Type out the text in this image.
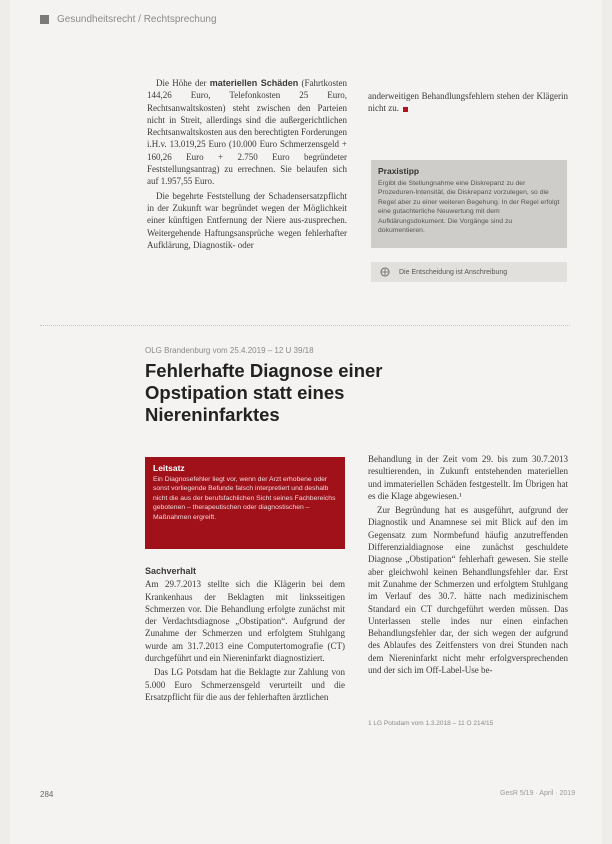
Gesundheitsrecht / Rechtsprechung

Die Höhe der materiellen Schäden (Fahrtkosten 144,26 Euro, Telefonkosten 25 Euro, Rechtsanwaltskosten) steht zwischen den Parteien nicht in Streit, allerdings sind die außergerichtlichen Rechtsanwaltskosten aus den berechtigten Forderungen i.H.v. 13.019,25 Euro (10.000 Euro Schmerzensgeld + 160,26 Euro + 2.750 Euro begründeter Feststellungsantrag) zu errechnen. Sie belaufen sich auf 1.957,55 Euro.

Die begehrte Feststellung der Schadensersatzpflicht in der Zukunft war begründet wegen der Möglichkeit einer künftigen Entfernung der Niere aus-zusprechen. Weitergehende Haftungsansprüche wegen fehlerhafter Aufklärung, Diagnostik- oder

anderweitigen Behandlungsfehlern stehen der Klägerin nicht zu.

Praxistipp
Ergibt die Stellungnahme eine Diskrepanz zu der Prozeduren-Intensität, die Diskrepanz vorzulegen, so die Regel aber zu einer weiteren Begehung. In der Regel erfolgt eine gutachterliche Neuwertung mit dem Aufklärungsdokument. Die Vorgänge sind zu dokumentieren.
Die Entscheidung ist Anschreibung
OLG Brandenburg vom 25.4.2019 – 12 U 39/18
Fehlerhafte Diagnose einer Opstipation statt eines Niereninfarktes
Leitsatz
Ein Diagnosefehler liegt vor, wenn der Arzt erhobene oder sonst vorliegende Befunde falsch interpretiert und deshalb nicht die aus der berufsfachlichen Sicht seines Fachbereichs gebotenen – therapeutischen oder diagnostischen – Maßnahmen ergreift.
Sachverhalt

Am 29.7.2013 stellte sich die Klägerin bei dem Krankenhaus der Beklagten mit linksseitigen Schmerzen vor. Die Behandlung erfolgte zunächst mit der Verdachtsdiagnose „Obstipation“. Aufgrund der Zunahme der Schmerzen und erfolgtem Stuhlgang wurde am 31.7.2013 eine Computertomografie (CT) durchgeführt und ein Niereninfarkt diagnostiziert.

Das LG Potsdam hat die Beklagte zur Zahlung von 5.000 Euro Schmerzensgeld verurteilt und die Ersatzpflicht für die aus der fehlerhaften ärztlichen

Behandlung in der Zeit vom 29. bis zum 30.7.2013 resultierenden, in Zukunft entstehenden materiellen und immateriellen Schäden festgestellt. Im Übrigen hat es die Klage abgewiesen.¹

Zur Begründung hat es ausgeführt, aufgrund der Diagnostik und Anamnese sei mit Blick auf den im Gegensatz zum Normbefund häufig anzutreffenden Differenzialdiagnose eine zunächst geschuldete Diagnose „Obstipation“ fehlerhaft gewesen. Sie stelle aber gleichwohl keinen Behandlungsfehler dar. Erst mit Zunahme der Schmerzen und erfolgtem Stuhlgang im Verlauf des 30.7. hätte nach medizinischem Standard ein CT durchgeführt werden müssen. Das Unterlassen stelle indes nur einen einfachen Behandlungsfehler dar, der sich wegen der aufgrund des Ablaufes des Zeitfensters von drei Stunden nach dem Niereninfarkt nicht mehr erfolgversprechenden und der sich im Off-Label-Use be-

1 LG Potsdam vom 1.3.2018 – 11 O 214/15
284	GesR 5/19 · April · 2019
